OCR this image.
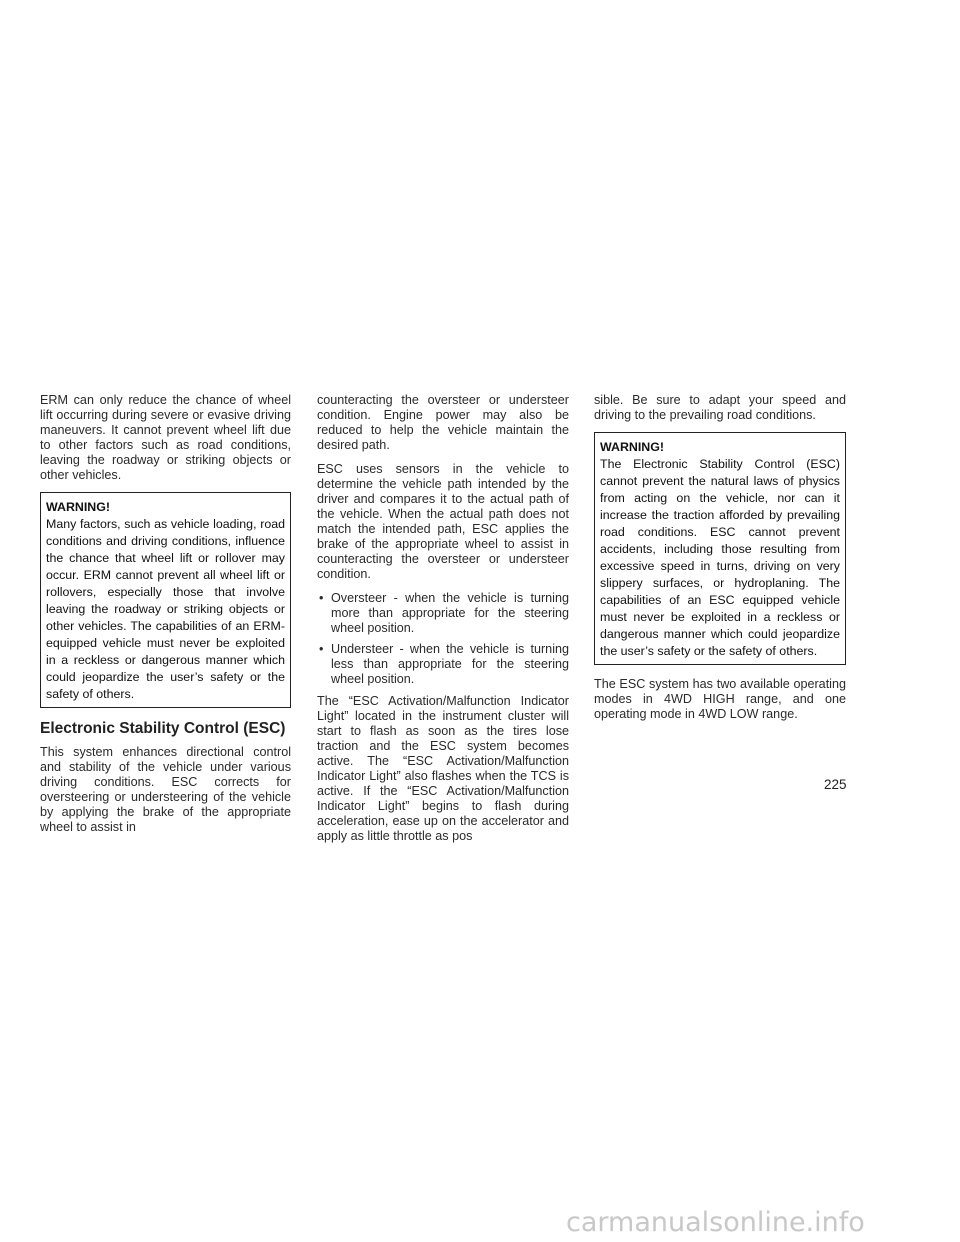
ERM can only reduce the chance of wheel lift occurring during severe or evasive driving maneuvers. It cannot prevent wheel lift due to other factors such as road conditions, leaving the roadway or striking objects or other vehicles.

WARNING!
Many factors, such as vehicle loading, road conditions and driving conditions, influence the chance that wheel lift or rollover may occur. ERM cannot prevent all wheel lift or rollovers, especially those that involve leaving the roadway or striking objects or other vehicles. The capabilities of an ERM-equipped vehicle must never be exploited in a reckless or dangerous manner which could jeopardize the user’s safety or the safety of others.
Electronic Stability Control (ESC)

This system enhances directional control and stability of the vehicle under various driving conditions. ESC corrects for oversteering or understeering of the vehicle by applying the brake of the appropriate wheel to assist in

counteracting the oversteer or understeer condition. Engine power may also be reduced to help the vehicle maintain the desired path.

ESC uses sensors in the vehicle to determine the vehicle path intended by the driver and compares it to the actual path of the vehicle. When the actual path does not match the intended path, ESC applies the brake of the appropriate wheel to assist in counteracting the oversteer or understeer condition.

• Oversteer - when the vehicle is turning more than appropriate for the steering wheel position.
• Understeer - when the vehicle is turning less than appropriate for the steering wheel position.

The “ESC Activation/Malfunction Indicator Light” located in the instrument cluster will start to flash as soon as the tires lose traction and the ESC system becomes active. The “ESC Activation/Malfunction Indicator Light” also flashes when the TCS is active. If the “ESC Activation/Malfunction Indicator Light” begins to flash during acceleration, ease up on the accelerator and apply as little throttle as pos

sible. Be sure to adapt your speed and driving to the prevailing road conditions.

WARNING!
The Electronic Stability Control (ESC) cannot prevent the natural laws of physics from acting on the vehicle, nor can it increase the traction afforded by prevailing road conditions. ESC cannot prevent accidents, including those resulting from excessive speed in turns, driving on very slippery surfaces, or hydroplaning. The capabilities of an ESC equipped vehicle must never be exploited in a reckless or dangerous manner which could jeopardize the user’s safety or the safety of others.

The ESC system has two available operating modes in 4WD HIGH range, and one operating mode in 4WD LOW range.

225
carmanualsonline.info
